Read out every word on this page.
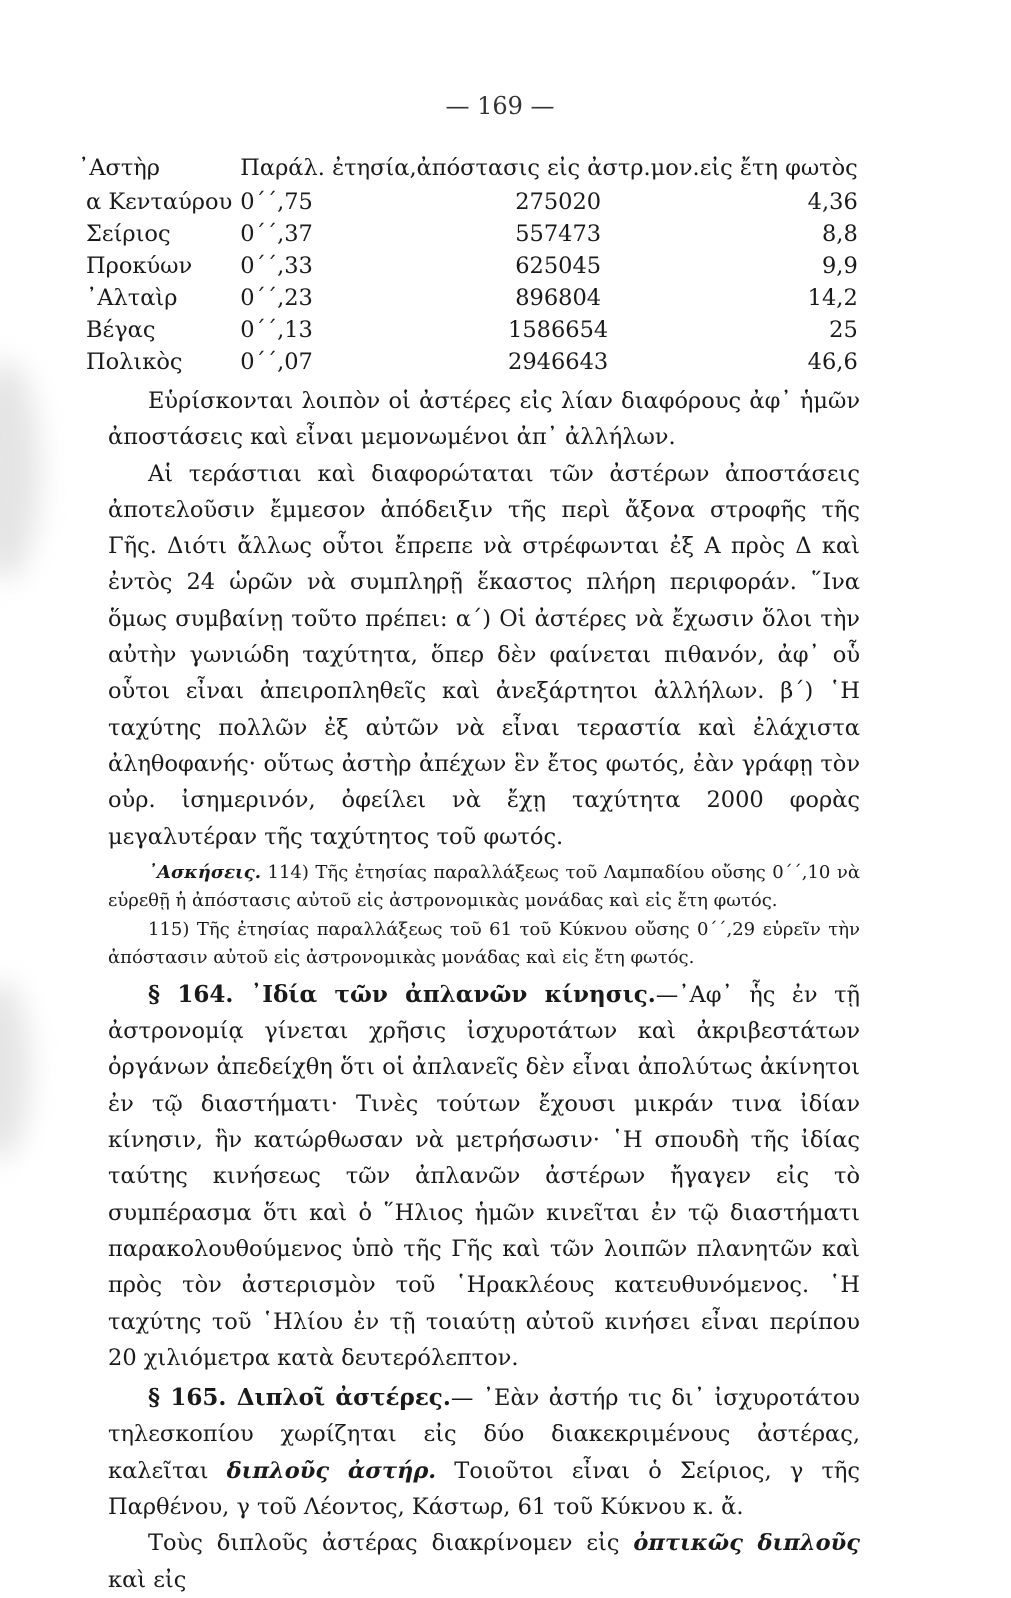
— 169 —
᾿Αστὴρ	Παράλ. ἐτησία,	ἀπόστασις εἰς ἀστρ.μον.	εἰς ἔτη φωτὸς
α Κενταύρου	0΄΄,75	275020	4,36
Σείριος	0΄΄,37	557473	8,8
Προκύων	0΄΄,33	625045	9,9
᾿Αλταὶρ	0΄΄,23	896804	14,2
Βέγας	0΄΄,13	1586654	25
Πολικὸς	0΄΄,07	2946643	46,6

Εὑρίσκονται λοιπὸν οἱ ἀστέρες εἰς λίαν διαφόρους ἀφ᾿ ἡμῶν ἀποστάσεις καὶ εἶναι μεμονωμένοι ἀπ᾿ ἀλλήλων.

Αἱ τεράστιαι καὶ διαφορώταται τῶν ἀστέρων ἀποστάσεις ἀποτελοῦσιν ἔμμεσον ἀπόδειξιν τῆς περὶ ἄξονα στροφῆς τῆς Γῆς. Διότι ἄλλως οὗτοι ἔπρεπε νὰ στρέφωνται ἐξ Α πρὸς Δ καὶ ἐντὸς 24 ὡρῶν νὰ συμπληρῇ ἕκαστος πλήρη περιφοράν. ῞Ινα ὅμως συμβαίνῃ τοῦτο πρέπει: α΄) Οἱ ἀστέρες νὰ ἔχωσιν ὅλοι τὴν αὐτὴν γωνιώδη ταχύτητα, ὅπερ δὲν φαίνεται πιθανόν, ἀφ᾿ οὗ οὗτοι εἶναι ἀπειροπληθεῖς καὶ ἀνεξάρτητοι ἀλλήλων. β΄) ῾Η ταχύτης πολλῶν ἐξ αὐτῶν νὰ εἶναι τεραστία καὶ ἐλάχιστα ἀληθοφανής· οὕτως ἀστὴρ ἀπέχων ἓν ἔτος φωτός, ἐὰν γράφῃ τὸν οὐρ. ἰσημερινόν, ὀφείλει νὰ ἔχῃ ταχύτητα 2000 φορὰς μεγαλυτέραν τῆς ταχύτητος τοῦ φωτός.

᾿Ασκήσεις. 114) Τῆς ἐτησίας παραλλάξεως τοῦ Λαμπαδίου οὔσης 0΄΄,10 νὰ εὑρεθῇ ἡ ἀπόστασις αὐτοῦ εἰς ἀστρονομικὰς μονάδας καὶ εἰς ἔτη φωτός.

115) Τῆς ἐτησίας παραλλάξεως τοῦ 61 τοῦ Κύκνου οὔσης 0΄΄,29 εὑρεῖν τὴν ἀπόστασιν αὐτοῦ εἰς ἀστρονομικὰς μονάδας καὶ εἰς ἔτη φωτός.

§ 164. ᾿Ιδία τῶν ἀπλανῶν κίνησις.—᾿Αφ᾿ ἧς ἐν τῇ ἀστρονομίᾳ γίνεται χρῆσις ἰσχυροτάτων καὶ ἀκριβεστάτων ὀργάνων ἀπεδείχθη ὅτι οἱ ἀπλανεῖς δὲν εἶναι ἀπολύτως ἀκίνητοι ἐν τῷ διαστήματι· Τινὲς τούτων ἔχουσι μικράν τινα ἰδίαν κίνησιν, ἣν κατώρθωσαν νὰ μετρήσωσιν· ῾Η σπουδὴ τῆς ἰδίας ταύτης κινήσεως τῶν ἀπλανῶν ἀστέρων ἤγαγεν εἰς τὸ συμπέρασμα ὅτι καὶ ὁ ῞Ηλιος ἡμῶν κινεῖται ἐν τῷ διαστήματι παρακολουθούμενος ὑπὸ τῆς Γῆς καὶ τῶν λοιπῶν πλανητῶν καὶ πρὸς τὸν ἀστερισμὸν τοῦ ῾Ηρακλέους κατευθυνόμενος. ῾Η ταχύτης τοῦ ῾Ηλίου ἐν τῇ τοιαύτῃ αὐτοῦ κινήσει εἶναι περίπου 20 χιλιόμετρα κατὰ δευτερόλεπτον.

§ 165. Διπλοῖ ἀστέρες.— ᾿Εὰν ἀστήρ τις δι᾿ ἰσχυροτάτου τηλεσκοπίου χωρίζηται εἰς δύο διακεκριμένους ἀστέρας, καλεῖται διπλοῦς ἀστήρ. Τοιοῦτοι εἶναι ὁ Σείριος, γ τῆς Παρθένου, γ τοῦ Λέοντος, Κάστωρ, 61 τοῦ Κύκνου κ. ἄ.

Τοὺς διπλοῦς ἀστέρας διακρίνομεν εἰς ὀπτικῶς διπλοῦς καὶ εἰς
